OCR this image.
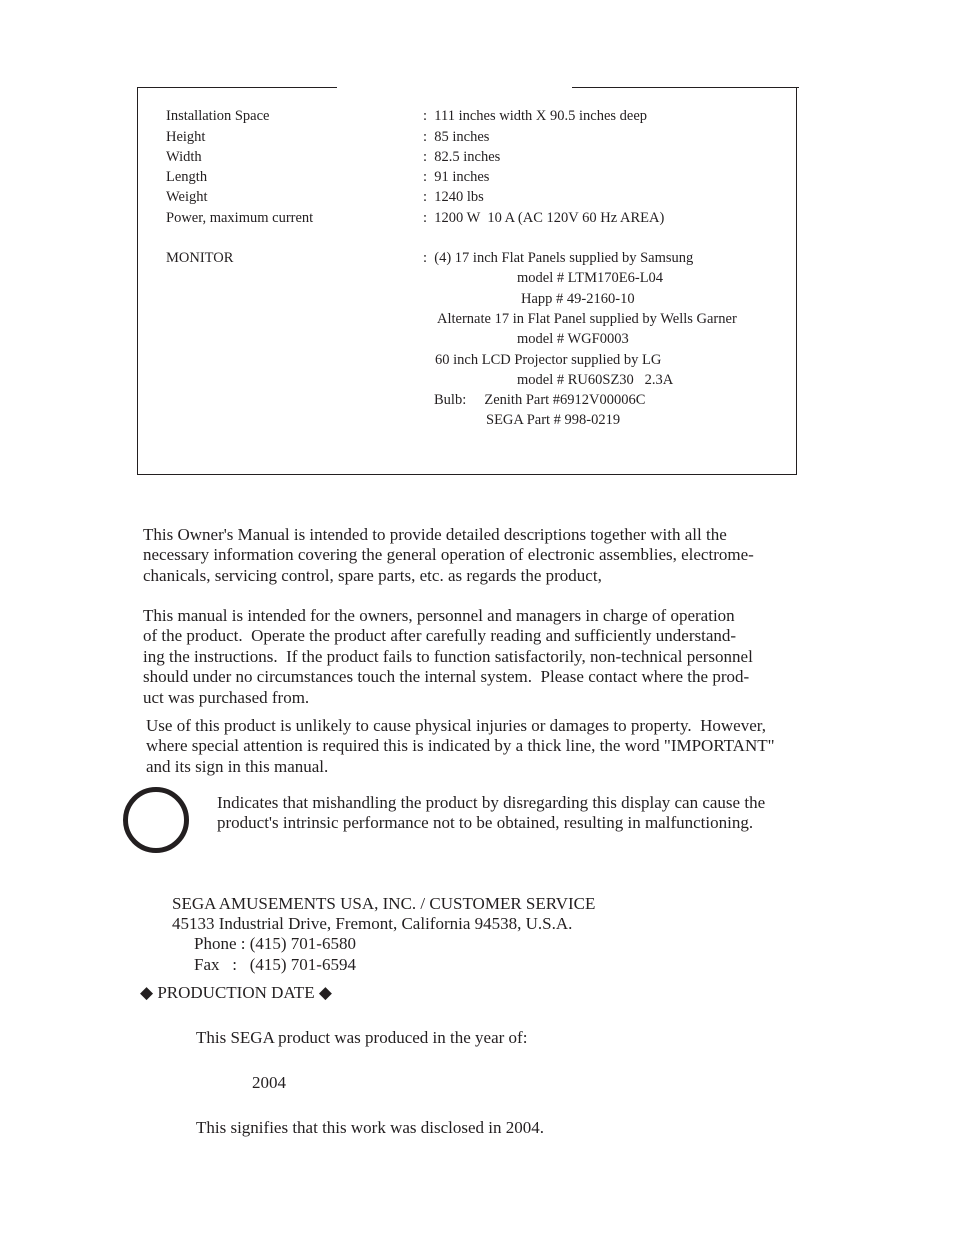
Installation Space	:  111 inches width X 90.5 inches deep
Height	:  85 inches
Width	:  82.5 inches
Length	:  91 inches
Weight	:  1240 lbs
Power, maximum current	:  1200 W  10 A (AC 120V 60 Hz AREA)
MONITOR	:  (4) 17 inch Flat Panels supplied by Samsung
model # LTM170E6-L04
Happ # 49-2160-10
Alternate 17 in Flat Panel supplied by Wells Garner
model # WGF0003
60 inch LCD Projector supplied by LG
model # RU60SZ30   2.3A
Bulb:     Zenith Part #6912V00006C
SEGA Part # 998-0219
This Owner's Manual is intended to provide detailed descriptions together with all the
necessary information covering the general operation of electronic assemblies, electrome-
chanicals, servicing control, spare parts, etc. as regards the product,
This manual is intended for the owners, personnel and managers in charge of operation
of the product.  Operate the product after carefully reading and sufficiently understand-
ing the instructions.  If the product fails to function satisfactorily, non-technical personnel
should under no circumstances touch the internal system.  Please contact where the prod-
uct was purchased from.
Use of this product is unlikely to cause physical injuries or damages to property.  However,
where special attention is required this is indicated by a thick line, the word "IMPORTANT"
and its sign in this manual.
Indicates that mishandling the product by disregarding this display can cause the
product's intrinsic performance not to be obtained, resulting in malfunctioning.
SEGA AMUSEMENTS USA, INC. / CUSTOMER SERVICE
45133 Industrial Drive, Fremont, California 94538, U.S.A.
Phone : (415) 701-6580
Fax   :   (415) 701-6594
◆ PRODUCTION DATE ◆
This SEGA product was produced in the year of:
2004
This signifies that this work was disclosed in 2004.
